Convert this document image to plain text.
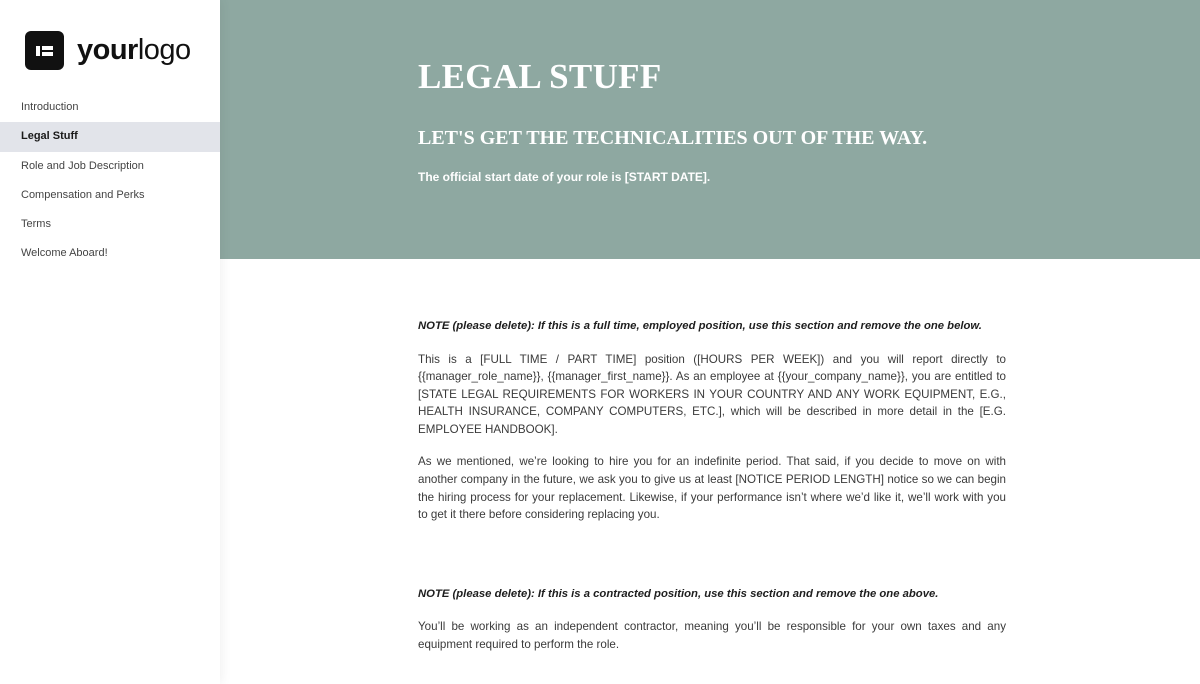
yourlogo
Introduction
Legal Stuff
Role and Job Description
Compensation and Perks
Terms
Welcome Aboard!
LEGAL STUFF
LET'S GET THE TECHNICALITIES OUT OF THE WAY.

The official start date of your role is [START DATE].

NOTE (please delete): If this is a full time, employed position, use this section and remove the one below.

This is a [FULL TIME / PART TIME] position ([HOURS PER WEEK]) and you will report directly to {{manager_role_name}}, {{manager_first_name}}. As an employee at {{your_company_name}}, you are entitled to [STATE LEGAL REQUIREMENTS FOR WORKERS IN YOUR COUNTRY AND ANY WORK EQUIPMENT, E.G., HEALTH INSURANCE, COMPANY COMPUTERS, ETC.], which will be described in more detail in the [E.G. EMPLOYEE HANDBOOK].

As we mentioned, we’re looking to hire you for an indefinite period. That said, if you decide to move on with another company in the future, we ask you to give us at least [NOTICE PERIOD LENGTH] notice so we can begin the hiring process for your replacement. Likewise, if your performance isn’t where we’d like it, we’ll work with you to get it there before considering replacing you.

NOTE (please delete): If this is a contracted position, use this section and remove the one above.

You’ll be working as an independent contractor, meaning you’ll be responsible for your own taxes and any equipment required to perform the role.
